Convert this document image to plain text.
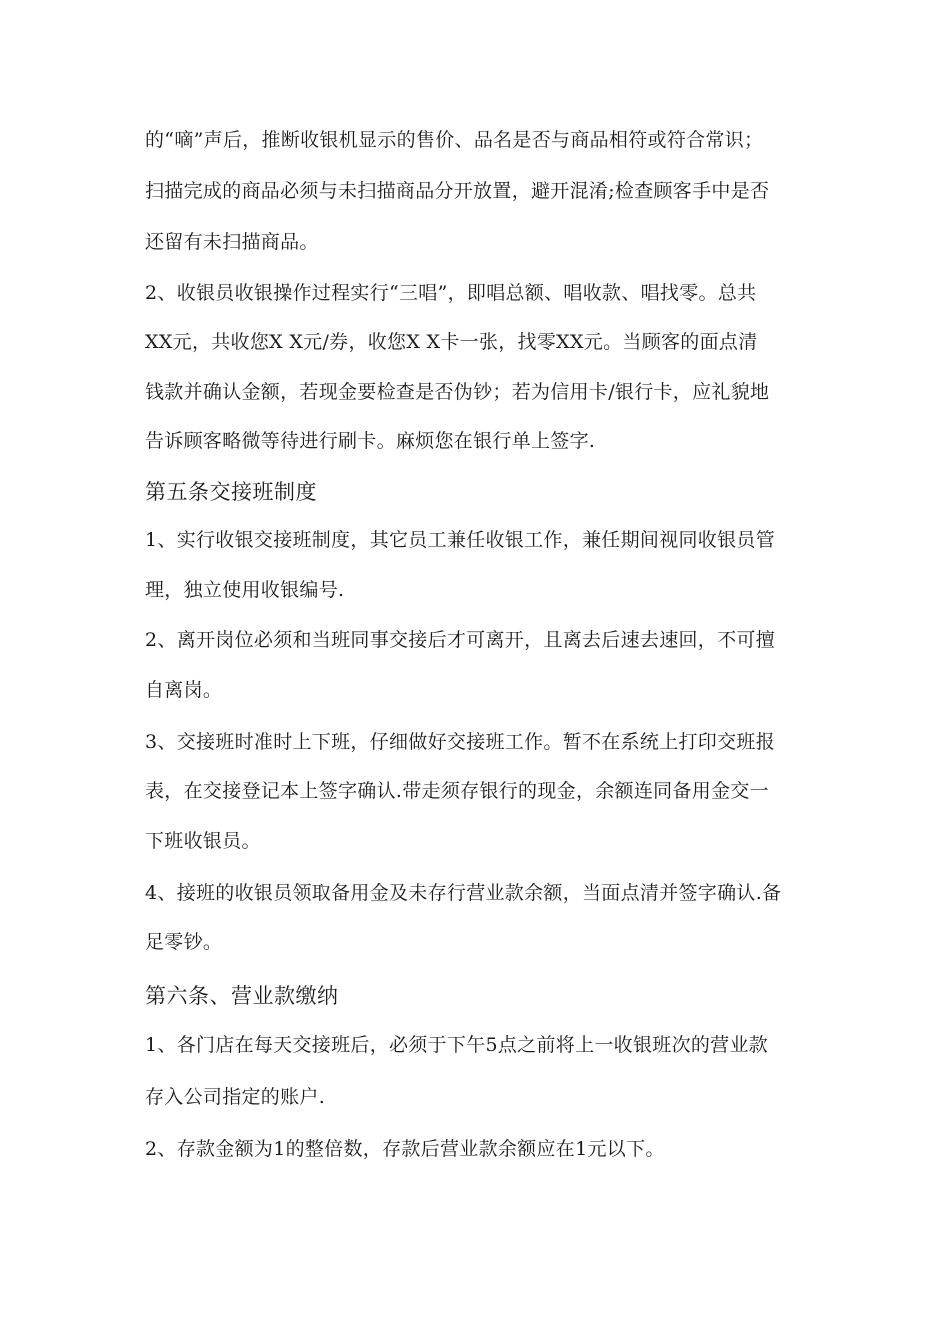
的“嘀”声后，推断收银机显示的售价、品名是否与商品相符或符合常识；
扫描完成的商品必须与未扫描商品分开放置，避开混淆;检查顾客手中是否
还留有未扫描商品。
2、收银员收银操作过程实行“三唱”，即唱总额、唱收款、唱找零。总共
XX元，共收您X X元/券，收您X X卡一张，找零XX元。当顾客的面点清
钱款并确认金额，若现金要检查是否伪钞；若为信用卡/银行卡，应礼貌地
告诉顾客略微等待进行刷卡。麻烦您在银行单上签字.
第五条交接班制度
1、实行收银交接班制度，其它员工兼任收银工作，兼任期间视同收银员管
理，独立使用收银编号.
2、离开岗位必须和当班同事交接后才可离开，且离去后速去速回，不可擅
自离岗。
3、交接班时准时上下班，仔细做好交接班工作。暂不在系统上打印交班报
表，在交接登记本上签字确认.带走须存银行的现金，余额连同备用金交一
下班收银员。
4、接班的收银员领取备用金及未存行营业款余额，当面点清并签字确认.备
足零钞。
第六条、营业款缴纳
1、各门店在每天交接班后，必须于下午5点之前将上一收银班次的营业款
存入公司指定的账户.
2、存款金额为1的整倍数，存款后营业款余额应在1元以下。
